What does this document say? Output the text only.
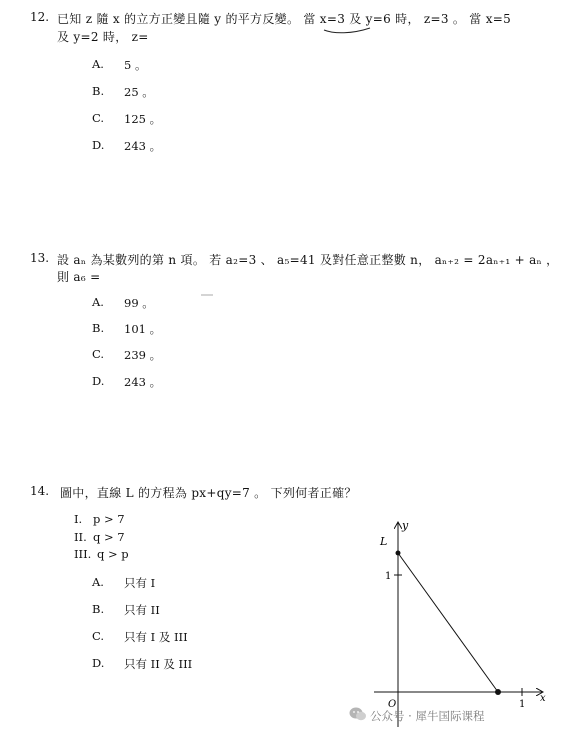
12. 已知 z 隨 x 的立方正變且隨 y 的平方反變。 當 x=3 及 y=6 時， z=3 。 當 x=5
及 y=2 時， z=
A. 5 。
B. 25 。
C. 125 。
D. 243 。
13. 設 aₙ 為某數列的第 n 項。 若 a₂=3 、 a₅=41 及對任意正整數 n， aₙ₊₂ = 2aₙ₊₁ + aₙ ，
則 a₆ =
A. 99 。
B. 101 。
C. 239 。
D. 243 。
14. 圖中，直線 L 的方程為 px+qy=7 。 下列何者正確？
I. p > 7
II. q > 7
III. q > p
A. 只有 I
B. 只有 II
C. 只有 I 及 III
D. 只有 II 及 III
y
L
1
O	1
x
公众号 · 犀牛国际课程
